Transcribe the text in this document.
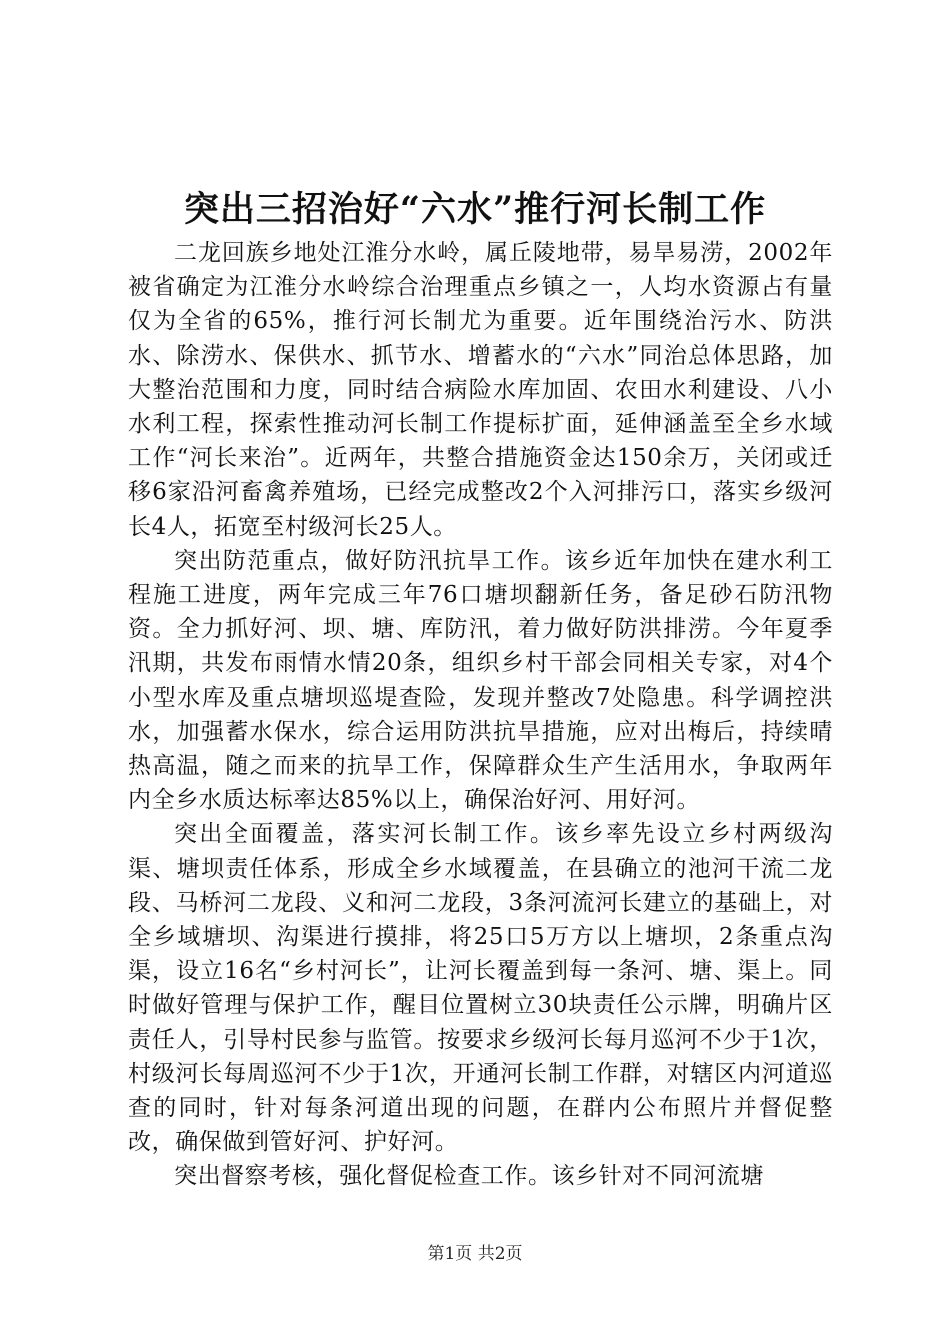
突出三招治好“六水”推行河长制工作

二龙回族乡地处江淮分水岭，属丘陵地带，易旱易涝，2002年被省确定为江淮分水岭综合治理重点乡镇之一，人均水资源占有量仅为全省的65%，推行河长制尤为重要。近年围绕治污水、防洪水、除涝水、保供水、抓节水、增蓄水的“六水”同治总体思路，加大整治范围和力度，同时结合病险水库加固、农田水利建设、八小水利工程，探索性推动河长制工作提标扩面，延伸涵盖至全乡水域工作“河长来治”。近两年，共整合措施资金达150余万，关闭或迁移6家沿河畜禽养殖场，已经完成整改2个入河排污口，落实乡级河长4人，拓宽至村级河长25人。

突出防范重点，做好防汛抗旱工作。该乡近年加快在建水利工程施工进度，两年完成三年76口塘坝翻新任务，备足砂石防汛物资。全力抓好河、坝、塘、库防汛，着力做好防洪排涝。今年夏季汛期，共发布雨情水情20条，组织乡村干部会同相关专家，对4个小型水库及重点塘坝巡堤查险，发现并整改7处隐患。科学调控洪水，加强蓄水保水，综合运用防洪抗旱措施，应对出梅后，持续晴热高温，随之而来的抗旱工作，保障群众生产生活用水，争取两年内全乡水质达标率达85%以上，确保治好河、用好河。

突出全面覆盖，落实河长制工作。该乡率先设立乡村两级沟渠、塘坝责任体系，形成全乡水域覆盖，在县确立的池河干流二龙段、马桥河二龙段、义和河二龙段，3条河流河长建立的基础上，对全乡域塘坝、沟渠进行摸排，将25口5万方以上塘坝，2条重点沟渠，设立16名“乡村河长”，让河长覆盖到每一条河、塘、渠上。同时做好管理与保护工作，醒目位置树立30块责任公示牌，明确片区责任人，引导村民参与监管。按要求乡级河长每月巡河不少于1次，村级河长每周巡河不少于1次，开通河长制工作群，对辖区内河道巡查的同时，针对每条河道出现的问题，在群内公布照片并督促整改，确保做到管好河、护好河。

突出督察考核，强化督促检查工作。该乡针对不同河流塘

第1页 共2页
